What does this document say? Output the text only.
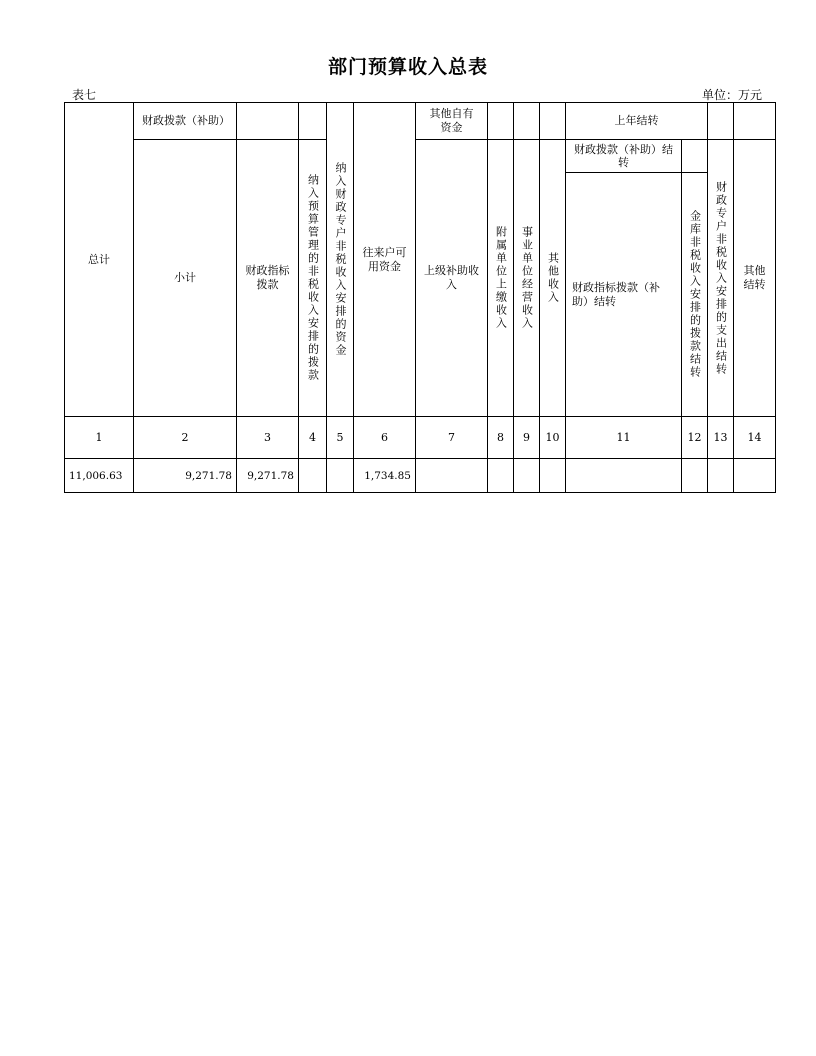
部门预算收入总表
表七	单位：万元
总计	财政拨款（补助）			纳入财政专户非税收入安排的资金	往来户可用资金	其他自有资金				上年结转			
	小计	财政指标拨款	纳入预算管理的非税收入安排的拨款			上级补助收入	附属单位上缴收入	事业单位经营收入	其他收入	财政拨款（补助）结转		财政专户非税收入安排的支出结转	其他结转
										财政指标拨款（补助）结转	金库非税收入安排的拨款结转		

1	2	3	4	5	6	7	8	9	10	11	12	13	14
11,006.63	9,271.78	9,271.78			1,734.85								
